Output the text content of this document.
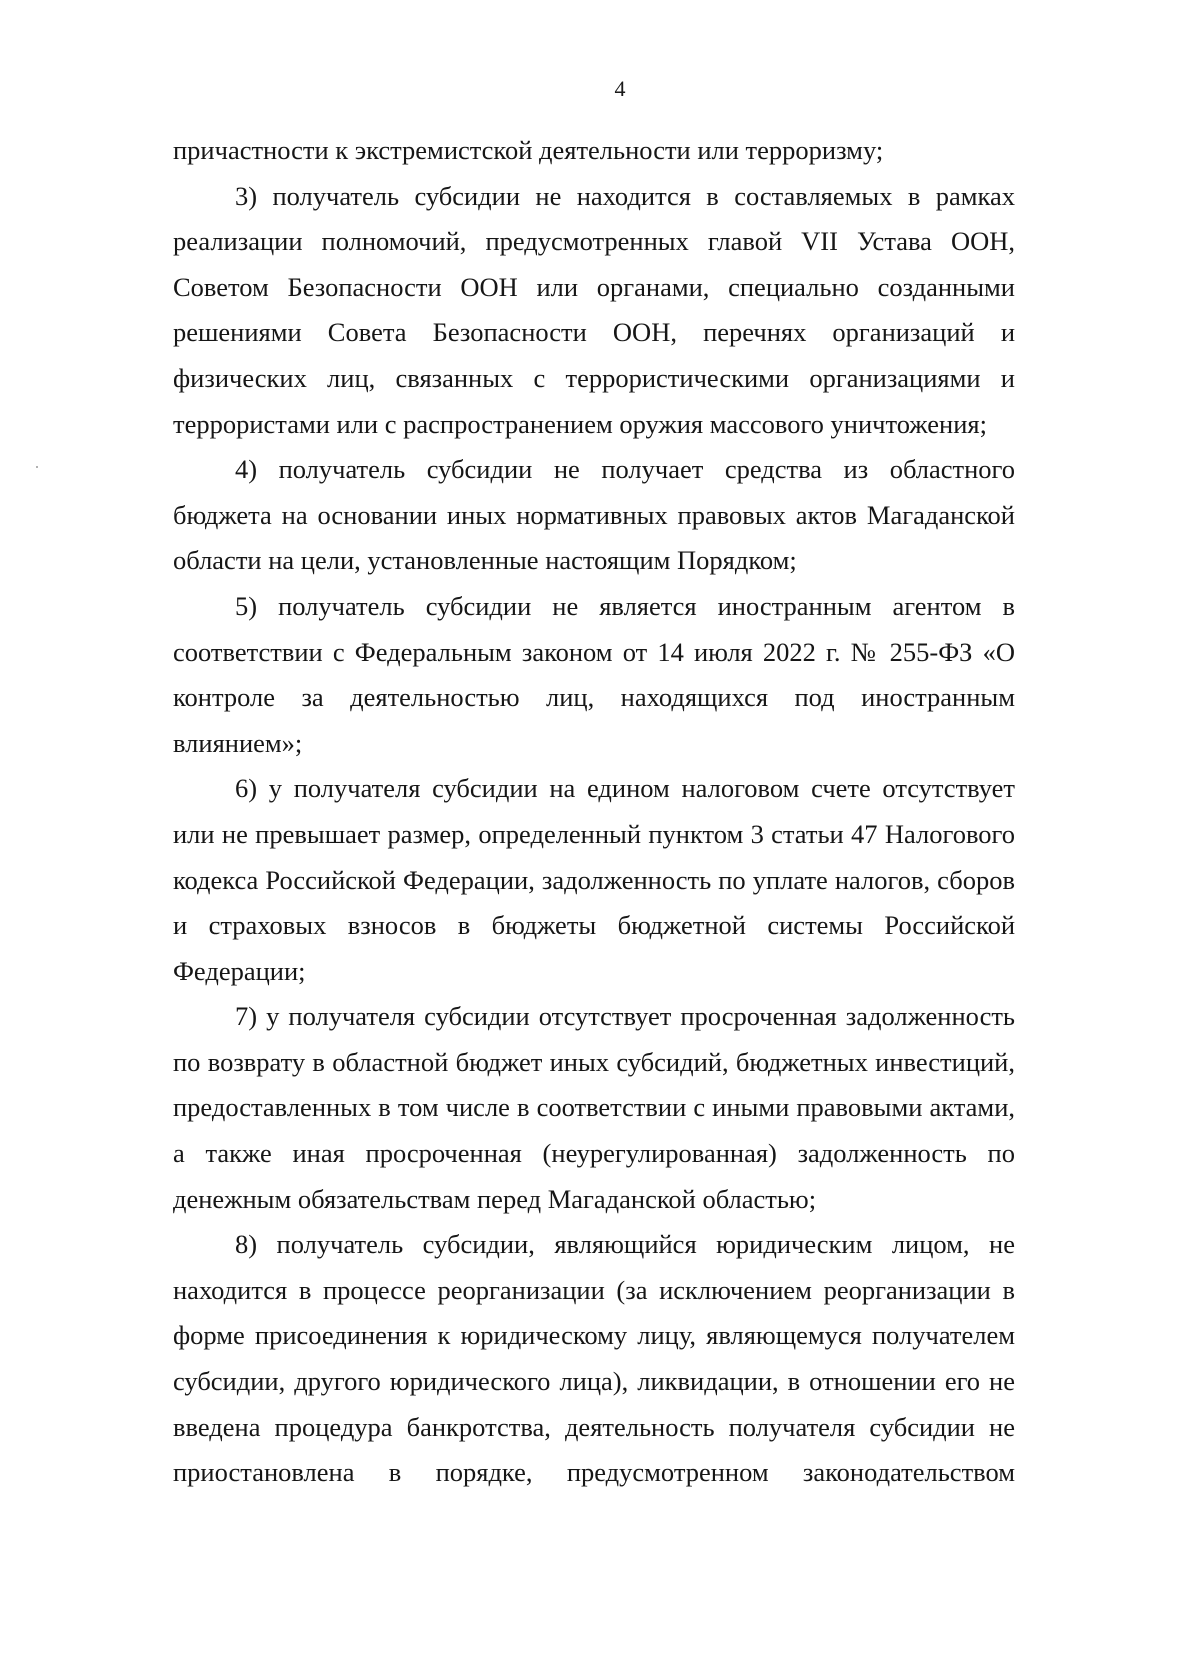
4

причастности к экстремистской деятельности или терроризму;

3) получатель субсидии не находится в составляемых в рамках реализации полномочий, предусмотренных главой VII Устава ООН, Советом Безопасности ООН или органами, специально созданными решениями Совета Безопасности ООН, перечнях организаций и физических лиц, связанных с террористическими организациями и террористами или с распространением оружия массового уничтожения;

4) получатель субсидии не получает средства из областного бюджета на основании иных нормативных правовых актов Магаданской области на цели, установленные настоящим Порядком;

5) получатель субсидии не является иностранным агентом в соответствии с Федеральным законом от 14 июля 2022 г. № 255-ФЗ «О контроле за деятельностью лиц, находящихся под иностранным влиянием»;

6) у получателя субсидии на едином налоговом счете отсутствует или не превышает размер, определенный пунктом 3 статьи 47 Налогового кодекса Российской Федерации, задолженность по уплате налогов, сборов и страховых взносов в бюджеты бюджетной системы Российской Федерации;

7) у получателя субсидии отсутствует просроченная задолженность по возврату в областной бюджет иных субсидий, бюджетных инвестиций, предоставленных в том числе в соответствии с иными правовыми актами, а также иная просроченная (неурегулированная) задолженность по денежным обязательствам перед Магаданской областью;

8) получатель субсидии, являющийся юридическим лицом, не находится в процессе реорганизации (за исключением реорганизации в форме присоединения к юридическому лицу, являющемуся получателем субсидии, другого юридического лица), ликвидации, в отношении его не введена процедура банкротства, деятельность получателя субсидии не приостановлена в порядке, предусмотренном законодательством
